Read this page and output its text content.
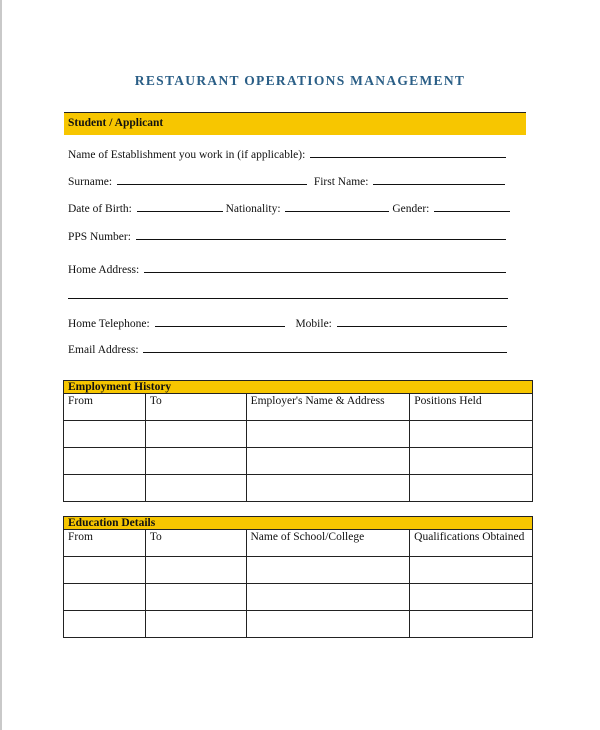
RESTAURANT OPERATIONS MANAGEMENT
Student / Applicant
Name of Establishment you work in (if applicable):
Surname:	First Name:
Date of Birth:	Nationality:	Gender:
PPS Number:
Home Address:
Home Telephone:	Mobile:
Email Address:
Employment History			
From	To	Employer's Name & Address	Positions Held

Education Details			
From	To	Name of School/College	Qualifications Obtained
